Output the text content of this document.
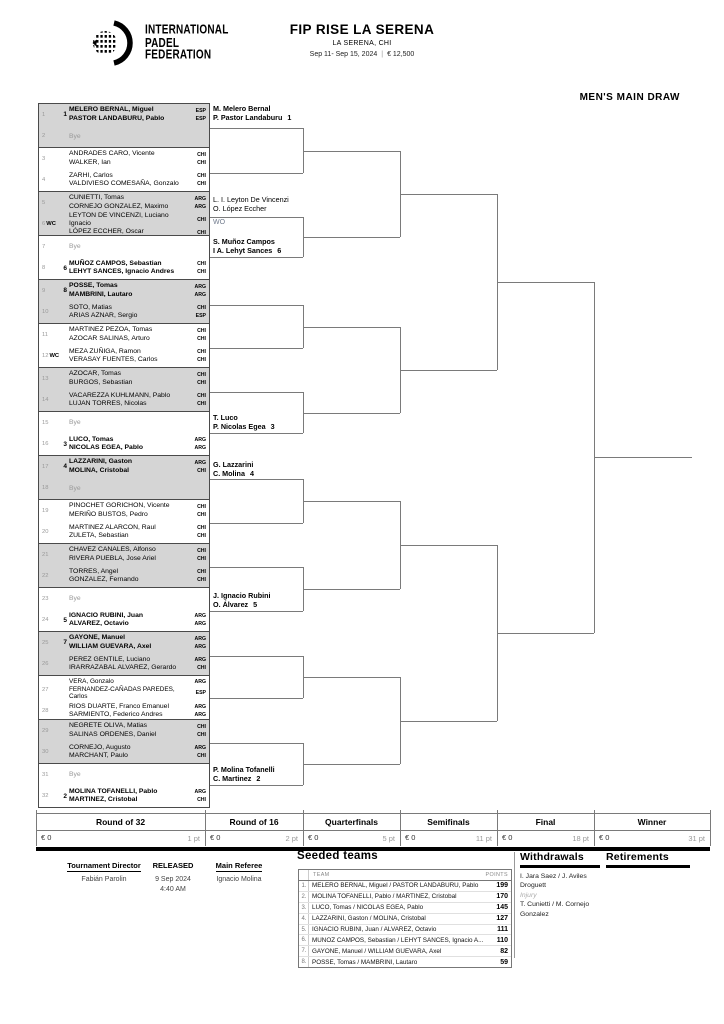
INTERNATIONAL
PADEL
FEDERATION
FIP RISE LA SERENA
LA SERENA, CHI
Sep 11- Sep 15, 2024 | € 12,500
MEN'S MAIN DRAW
1	1
MELERO BERNAL, Miguel	ESP
PASTOR LANDABURU, Pablo	ESP
2	Bye
3
ANDRADES CARO, Vicente	CHI
WALKER, Ian	CHI
4
ZARHI, Carlos	CHI
VALDIVIESO COMESAÑA, Gonzalo	CHI
5
CUNIETTI, Tomas	ARG
CORNEJO GONZALEZ, Maximo	ARG
6 WC
LEYTON DE VINCENZI, Luciano Ignacio	CHI
LÓPEZ ECCHER, Oscar	CHI
7	Bye
8	6
MUÑOZ CAMPOS, Sebastian	CHI
LEHYT SANCES, Ignacio Andres	CHI
9	8
POSSE, Tomas	ARG
MAMBRINI, Lautaro	ARG
10
SOTO, Matias	CHI
ARIAS AZNAR, Sergio	ESP
11
MARTINEZ PEZOA, Tomas	CHI
AZOCAR SALINAS, Arturo	CHI
12 WC
MEZA ZUÑIGA, Ramon	CHI
VERASAY FUENTES, Carlos	CHI
13
AZOCAR, Tomas	CHI
BURGOS, Sebastian	CHI
14
VACAREZZA KUHLMANN, Pablo	CHI
LUJAN TORRES, Nicolas	CHI
15	Bye
16	3
LUCO, Tomas	ARG
NICOLAS EGEA, Pablo	ARG
17	4
LAZZARINI, Gaston	ARG
MOLINA, Cristobal	CHI
18	Bye
19
PINOCHET GORICHON, Vicente	CHI
MERIÑO BUSTOS, Pedro	CHI
20
MARTINEZ ALARCON, Raul	CHI
ZULETA, Sebastian	CHI
21
CHAVEZ CANALES, Alfonso	CHI
RIVERA PUEBLA, Jose Ariel	CHI
22
TORRES, Angel	CHI
GONZALEZ, Fernando	CHI
23	Bye
24	5
IGNACIO RUBINI, Juan	ARG
ALVAREZ, Octavio	ARG
25	7
GAYONE, Manuel	ARG
WILLIAM GUEVARA, Axel	ARG
26
PEREZ GENTILE, Luciano	ARG
IRARRAZABAL ALVAREZ, Gerardo	CHI
27
VERA, Gonzalo	ARG
FERNANDEZ-CAÑADAS PAREDES, Carlos	ESP
28
RIOS DUARTE, Franco Emanuel	ARG
SARMIENTO, Federico Andres	ARG
29
NEGRETE OLIVA, Matias	CHI
SALINAS ORDENES, Daniel	CHI
30
CORNEJO, Augusto	ARG
MARCHANT, Paulo	CHI
31	Bye
32	2
MOLINA TOFANELLI, Pablo	ARG
MARTINEZ, Cristobal	CHI
Tournament Director
Fabián Parolin
RELEASED
9 Sep 2024
4:40 AM
Main Referee
Ignacio Molina
Seeded teams
TEAM	POINTS
1. MELERO BERNAL, Miguel / PASTOR LANDABURU, Pablo	199
2. MOLINA TOFANELLI, Pablo / MARTINEZ, Cristobal	170
3. LUCO, Tomas / NICOLAS EGEA, Pablo	145
4. LAZZARINI, Gaston / MOLINA, Cristobal	127
5. IGNACIO RUBINI, Juan / ALVAREZ, Octavio	111
6. MUÑOZ CAMPOS, Sebastian / LEHYT SANCES, Ignacio A...	110
7. GAYONE, Manuel / WILLIAM GUEVARA, Axel	82
8. POSSE, Tomas / MAMBRINI, Lautaro	59
Withdrawals
I. Jara Saez / J. Aviles Droguett
Injury
T. Cunietti / M. Cornejo Gonzalez
Retirements
M. Melero Bernal
P. Pastor Landaburu 1
L. I. Leyton De Vincenzi
O. López Eccher
WO
S. Muñoz Campos
I A. Lehyt Sances 6
T. Luco
P. Nicolas Egea 3
G. Lazzarini
C. Molina 4
J. Ignacio Rubini
O. Álvarez 5
P. Molina Tofanelli
C. Martinez 2
Round of 32
€ 0	1 pt
Round of 16
€ 0	2 pt
Quarterfinals
€ 0	5 pt
Semifinals
€ 0	11 pt
Final
€ 0	18 pt
Winner
€ 0	31 pt
